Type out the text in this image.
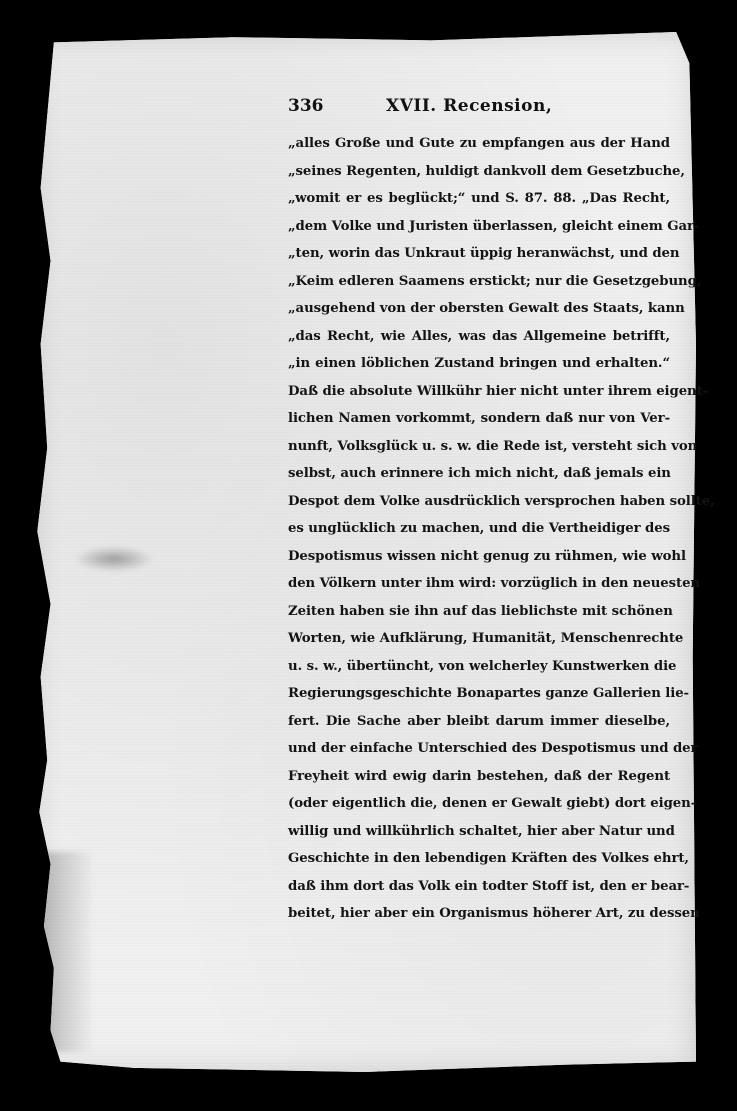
336	XVII. Recension,
„alles Große und Gute zu empfangen aus der Hand
„seines Regenten, huldigt dankvoll dem Gesetzbuche,
„womit er es beglückt;“ und S. 87. 88. „Das Recht,
„dem Volke und Juristen überlassen, gleicht einem Gar-
„ten, worin das Unkraut üppig heranwächst, und den
„Keim edleren Saamens erstickt; nur die Gesetzgebung,
„ausgehend von der obersten Gewalt des Staats, kann
„das Recht, wie Alles, was das Allgemeine betrifft,
„in einen löblichen Zustand bringen und erhalten.“
Daß die absolute Willkühr hier nicht unter ihrem eigent-
lichen Namen vorkommt, sondern daß nur von Ver-
nunft, Volksglück u. s. w. die Rede ist, versteht sich von
selbst, auch erinnere ich mich nicht, daß jemals ein
Despot dem Volke ausdrücklich versprochen haben sollte,
es unglücklich zu machen, und die Vertheidiger des
Despotismus wissen nicht genug zu rühmen, wie wohl
den Völkern unter ihm wird: vorzüglich in den neuesten
Zeiten haben sie ihn auf das lieblichste mit schönen
Worten, wie Aufklärung, Humanität, Menschenrechte
u. s. w., übertüncht, von welcherley Kunstwerken die
Regierungsgeschichte Bonapartes ganze Gallerien lie-
fert. Die Sache aber bleibt darum immer dieselbe,
und der einfache Unterschied des Despotismus und der
Freyheit wird ewig darin bestehen, daß der Regent
(oder eigentlich die, denen er Gewalt giebt) dort eigen-
willig und willkührlich schaltet, hier aber Natur und
Geschichte in den lebendigen Kräften des Volkes ehrt,
daß ihm dort das Volk ein todter Stoff ist, den er bear-
beitet, hier aber ein Organismus höherer Art, zu dessen
